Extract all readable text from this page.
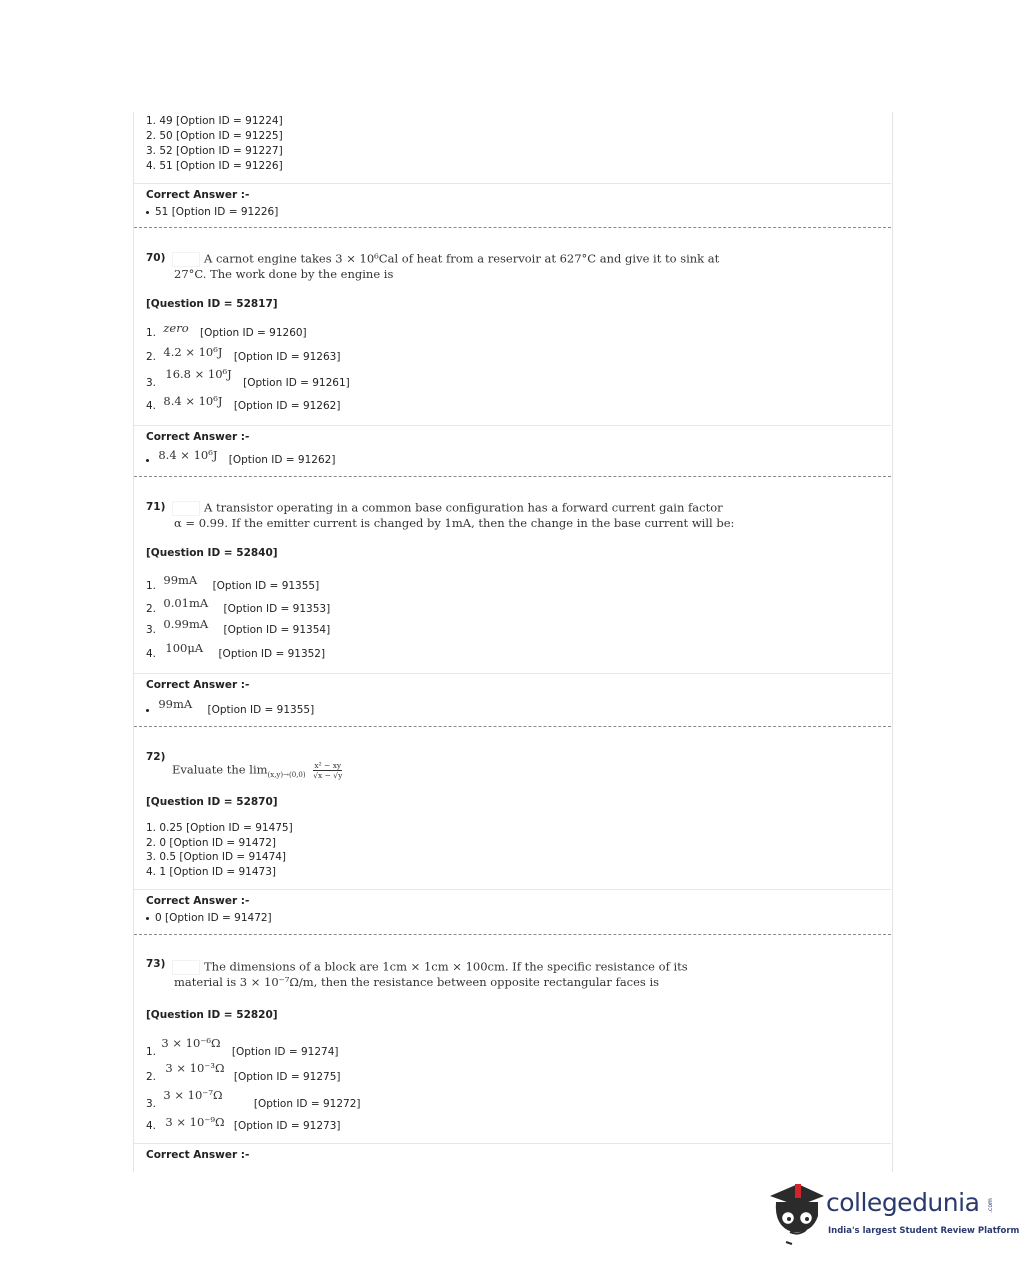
1. 49 [Option ID = 91224]
2. 50 [Option ID = 91225]
3. 52 [Option ID = 91227]
4. 51 [Option ID = 91226]
Correct Answer :-
51 [Option ID = 91226]
70)	A carnot engine takes 3 × 10⁶Cal of heat from a reservoir at 627°C and give it to sink at
27°C. The work done by the engine is
[Question ID = 52817]
1. zero [Option ID = 91260]
2. 4.2 × 10⁶J [Option ID = 91263]
3. 16.8 × 10⁶J [Option ID = 91261]
4. 8.4 × 10⁶J [Option ID = 91262]
Correct Answer :-
8.4 × 10⁶J [Option ID = 91262]
71)	A transistor operating in a common base configuration has a forward current gain factor
α = 0.99. If the emitter current is changed by 1mA, then the change in the base current will be:
[Question ID = 52840]
1. 99mA [Option ID = 91355]
2. 0.01mA [Option ID = 91353]
3. 0.99mA [Option ID = 91354]
4. 100μA [Option ID = 91352]
Correct Answer :-
99mA [Option ID = 91355]
72)
Evaluate the $\lim_{(x,y)\to(0,0)} \frac{\text{x² − xy}}{√x - √y}$
[Question ID = 52870]
1. 0.25 [Option ID = 91475]
2. 0 [Option ID = 91472]
3. 0.5 [Option ID = 91474]
4. 1 [Option ID = 91473]
Correct Answer :-
0 [Option ID = 91472]
73)	The dimensions of a block are 1cm × 1cm × 100cm. If the specific resistance of its
material is 3 × 10⁻⁷Ω/m, then the resistance between opposite rectangular faces is
[Question ID = 52820]
1. 3 × 10⁻⁶Ω [Option ID = 91274]
2. 3 × 10⁻³Ω [Option ID = 91275]
3. 3 × 10⁻⁷Ω [Option ID = 91272]
4. 3 × 10⁻⁹Ω [Option ID = 91273]
Correct Answer :-
collegedunia .com
India's largest Student Review Platform
